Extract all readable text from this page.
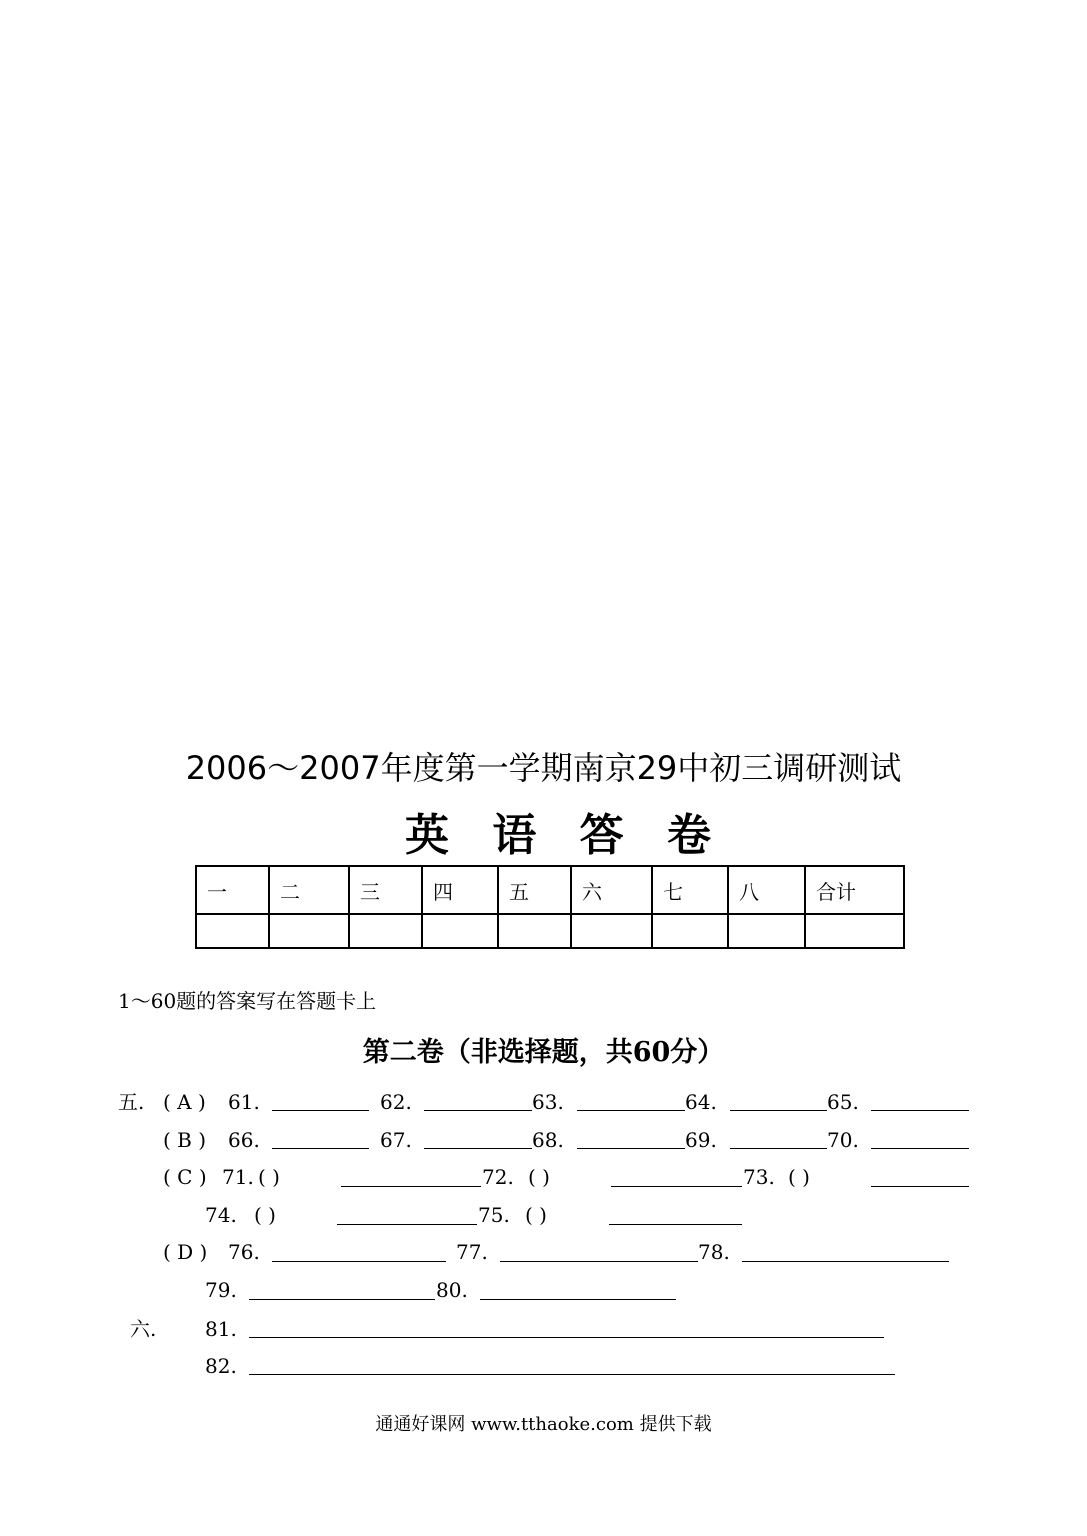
2006～2007年度第一学期南京29中初三调研测试
英 语 答 卷
一	二	三	四	五	六	七	八	合计

1～60题的答案写在答题卡上
第二卷（非选择题，共60分）
五. ( A ) 61.	62.	63.	64.	65.
( B ) 66.	67.	68.	69.	70.
( C ) 71. ( )	72. ( )	73. ( )
74. ( )	75. ( )
( D ) 76.	77.	78.
79.	80.
六. 81.
82.
通通好课网 www.tthaoke.com 提供下载
